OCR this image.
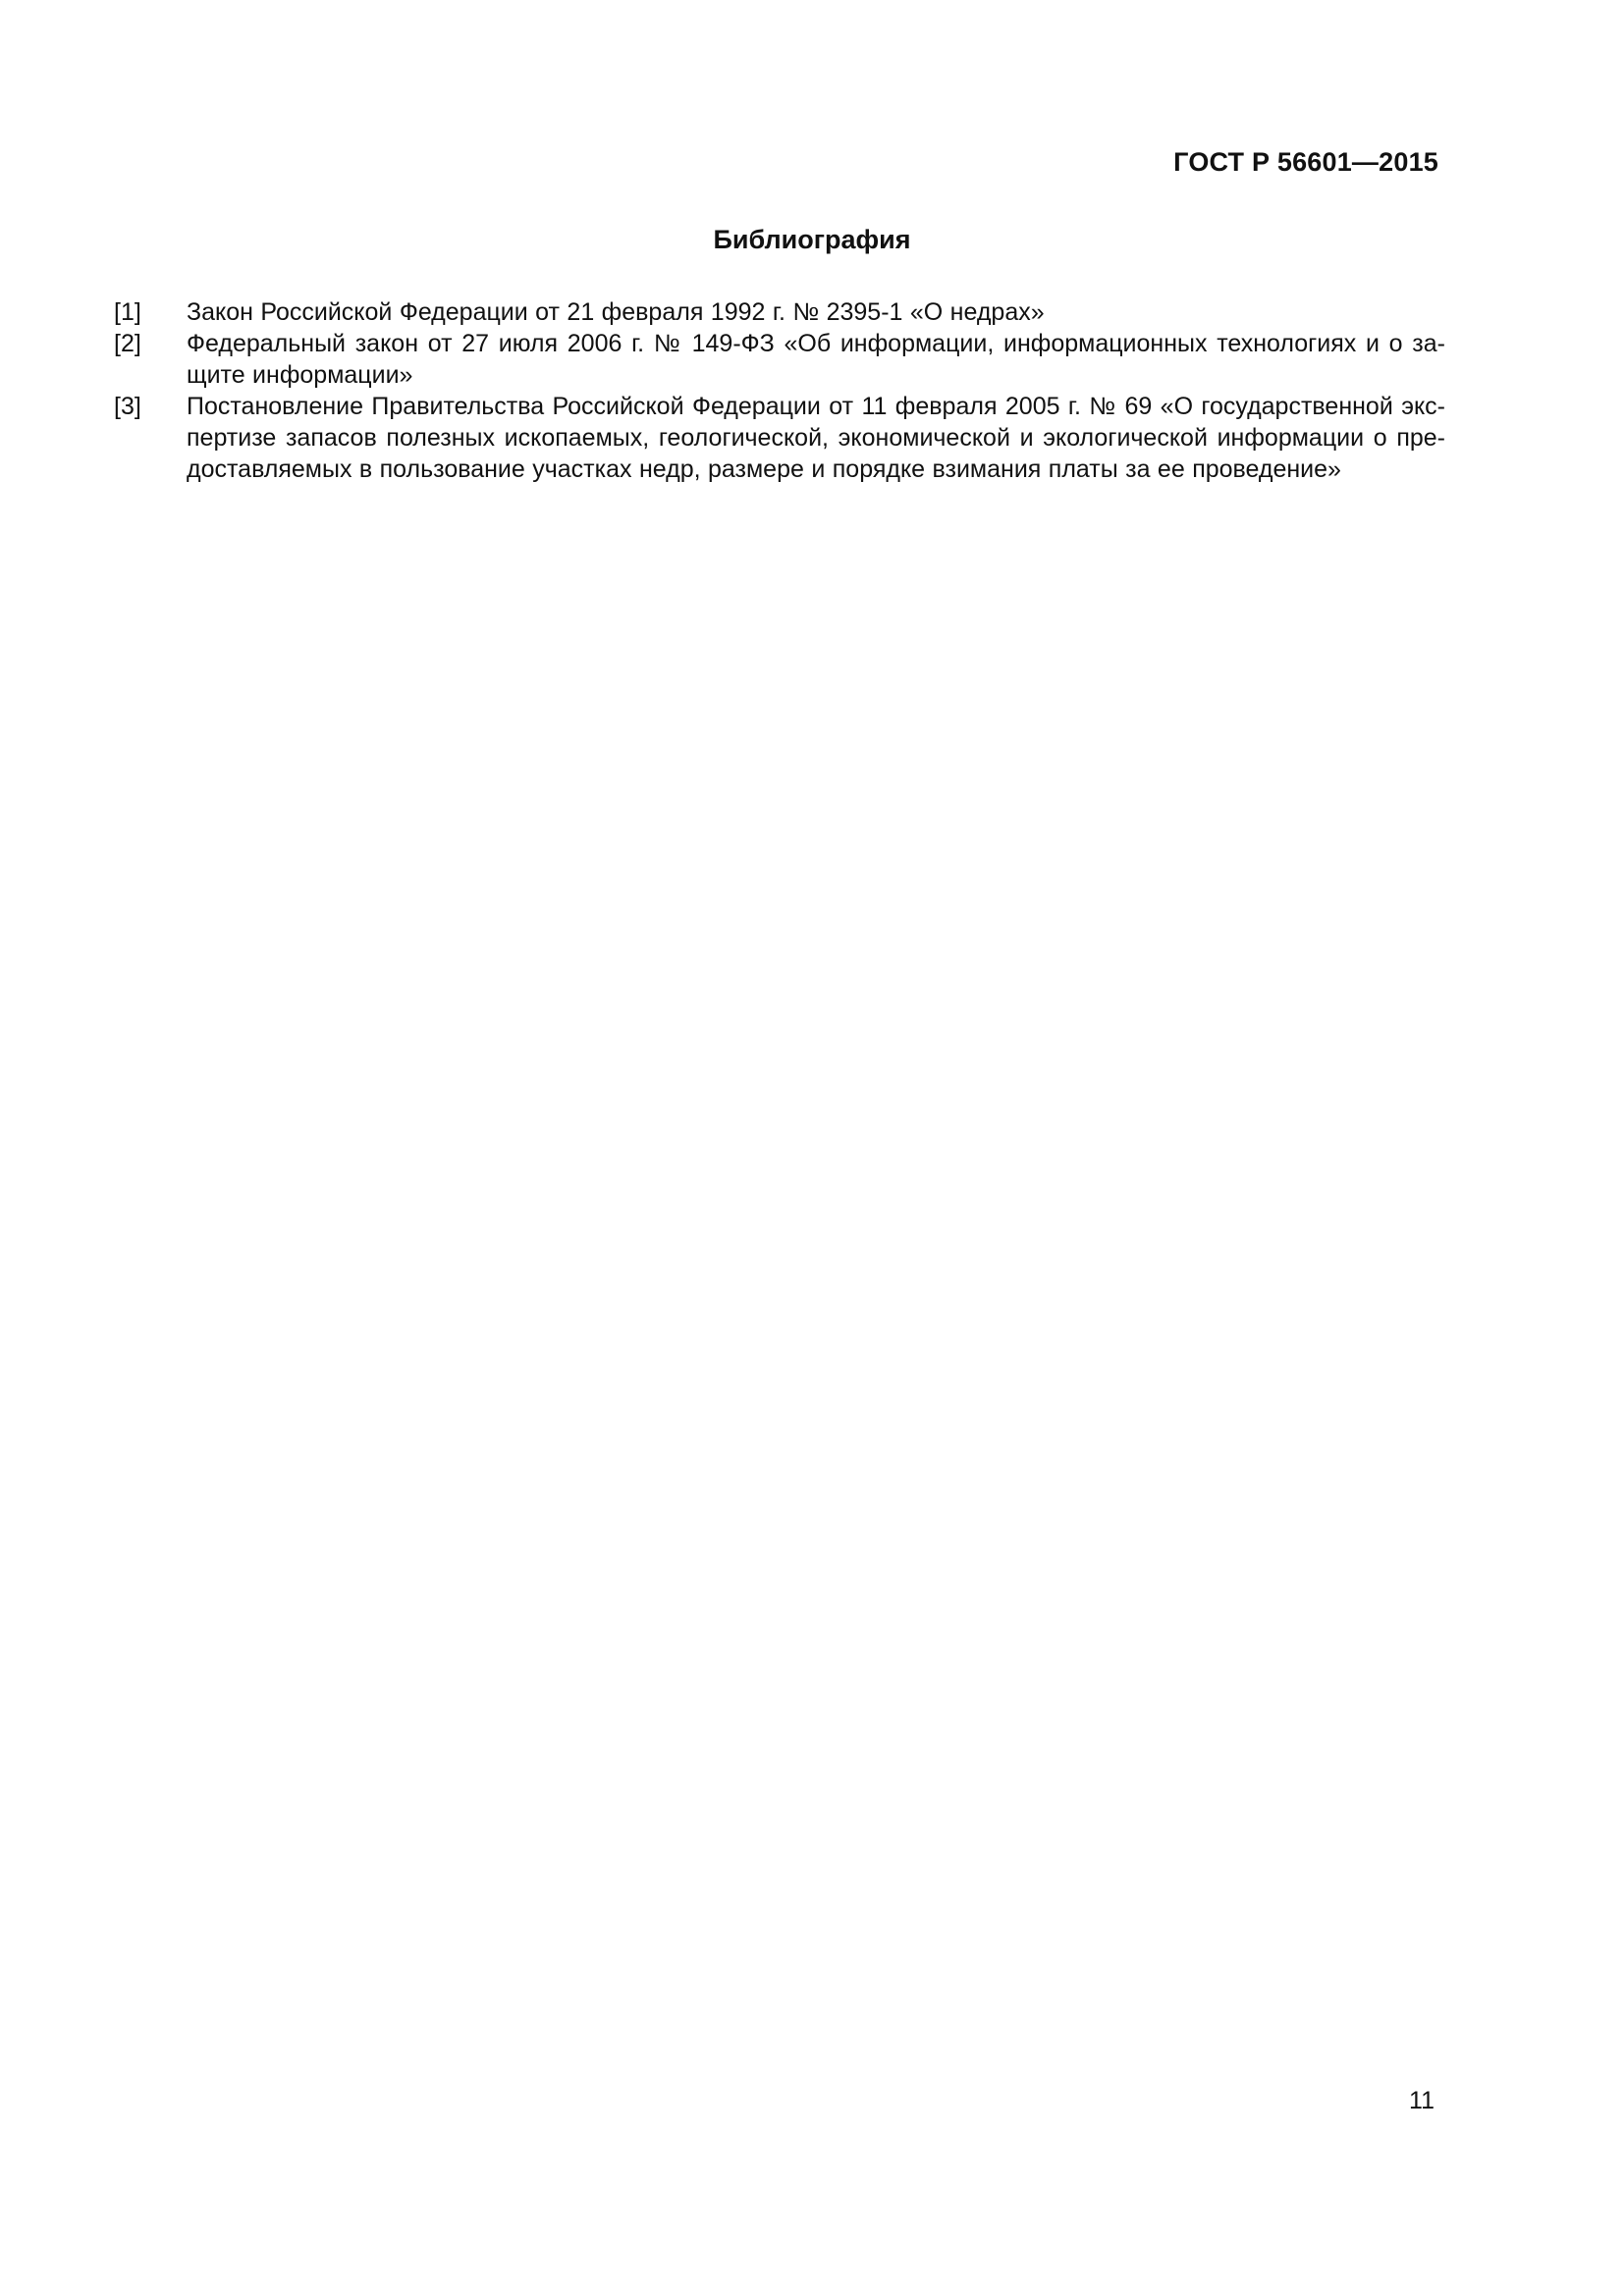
ГОСТ Р 56601—2015
Библиография
[1]	Закон Российской Федерации от 21 февраля 1992 г. № 2395-1 «О недрах»
[2]	Федеральный закон от 27 июля 2006 г. № 149-ФЗ «Об информации, информационных технологиях и о защите информации»
[3]	Постановление Правительства Российской Федерации от 11 февраля 2005 г. № 69 «О государственной экспертизе запасов полезных ископаемых, геологической, экономической и экологической информации о предоставляемых в пользование участках недр, размере и порядке взимания платы за ее проведение»
11
